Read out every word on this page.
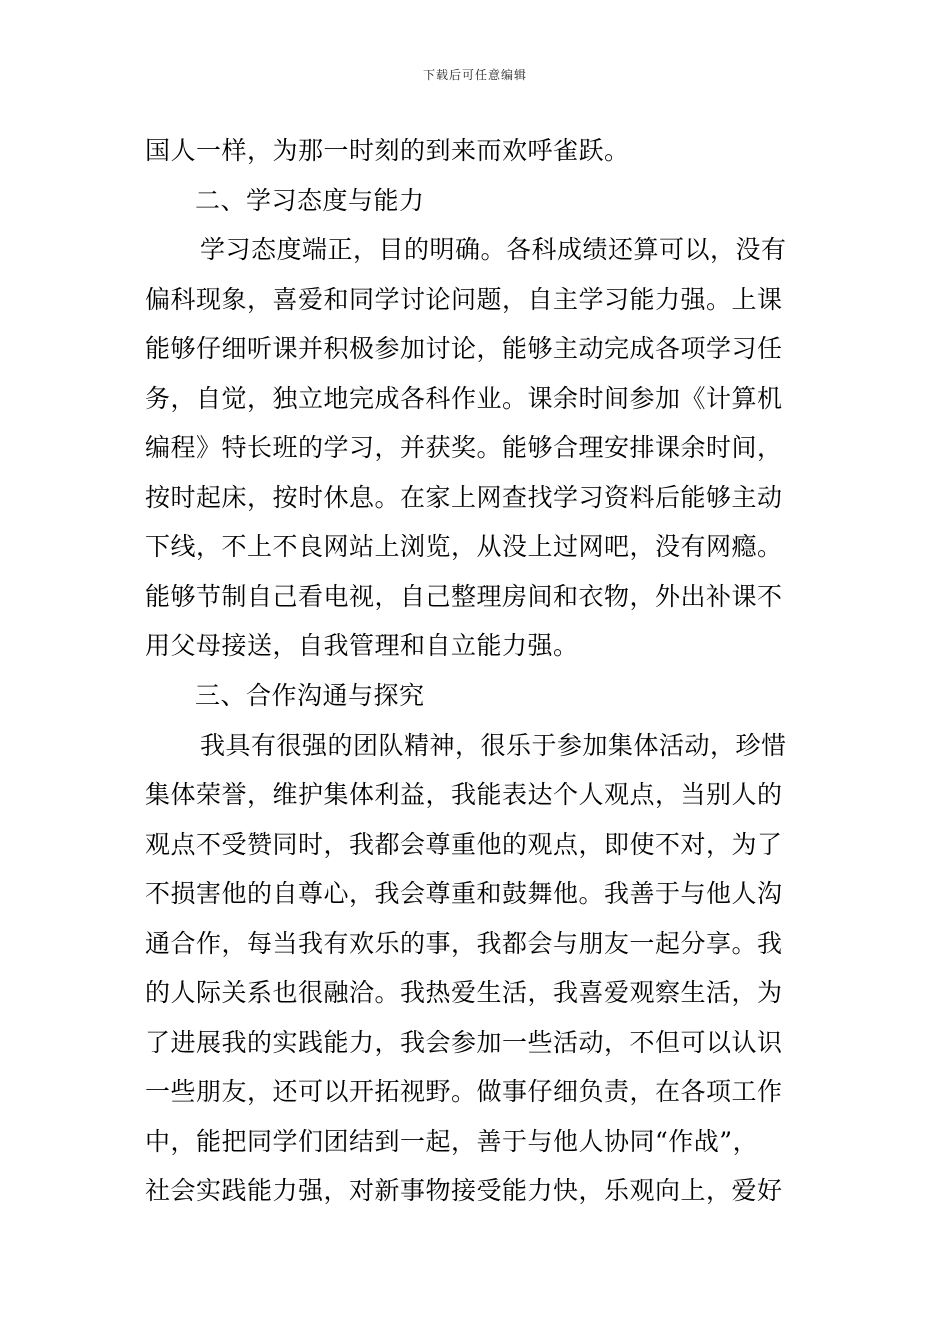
下载后可任意编辑
国人一样，为那一时刻的到来而欢呼雀跃。
二、学习态度与能力
学习态度端正，目的明确。各科成绩还算可以，没有
偏科现象，喜爱和同学讨论问题，自主学习能力强。上课
能够仔细听课并积极参加讨论，能够主动完成各项学习任
务，自觉，独立地完成各科作业。课余时间参加《计算机
编程》特长班的学习，并获奖。能够合理安排课余时间，
按时起床，按时休息。在家上网查找学习资料后能够主动
下线，不上不良网站上浏览，从没上过网吧，没有网瘾。
能够节制自己看电视，自己整理房间和衣物，外出补课不
用父母接送，自我管理和自立能力强。
三、合作沟通与探究
我具有很强的团队精神，很乐于参加集体活动，珍惜
集体荣誉，维护集体利益，我能表达个人观点，当别人的
观点不受赞同时，我都会尊重他的观点，即使不对，为了
不损害他的自尊心，我会尊重和鼓舞他。我善于与他人沟
通合作，每当我有欢乐的事，我都会与朋友一起分享。我
的人际关系也很融洽。我热爱生活，我喜爱观察生活，为
了进展我的实践能力，我会参加一些活动，不但可以认识
一些朋友，还可以开拓视野。做事仔细负责，在各项工作
中，能把同学们团结到一起，善于与他人协同“作战”，
社会实践能力强，对新事物接受能力快，乐观向上，爱好
